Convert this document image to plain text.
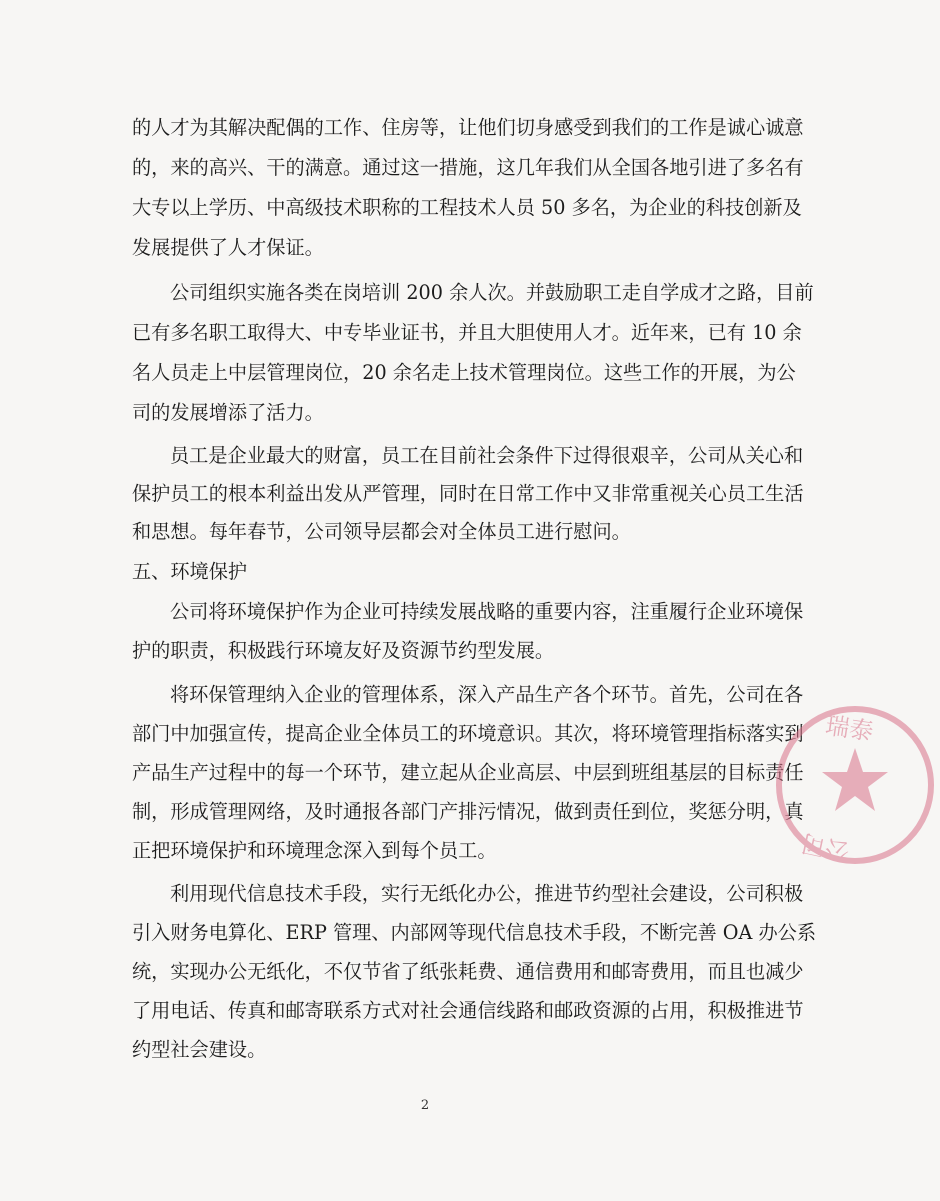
的人才为其解决配偶的工作、住房等，让他们切身感受到我们的工作是诚心诚意
的，来的高兴、干的满意。通过这一措施，这几年我们从全国各地引进了多名有
大专以上学历、中高级技术职称的工程技术人员 50 多名，为企业的科技创新及
发展提供了人才保证。
公司组织实施各类在岗培训 200 余人次。并鼓励职工走自学成才之路，目前
已有多名职工取得大、中专毕业证书，并且大胆使用人才。近年来，已有 10 余
名人员走上中层管理岗位，20 余名走上技术管理岗位。这些工作的开展，为公
司的发展增添了活力。
员工是企业最大的财富，员工在目前社会条件下过得很艰辛，公司从关心和
保护员工的根本利益出发从严管理，同时在日常工作中又非常重视关心员工生活
和思想。每年春节，公司领导层都会对全体员工进行慰问。
五、环境保护
公司将环境保护作为企业可持续发展战略的重要内容，注重履行企业环境保
护的职责，积极践行环境友好及资源节约型发展。
将环保管理纳入企业的管理体系，深入产品生产各个环节。首先，公司在各
部门中加强宣传，提高企业全体员工的环境意识。其次，将环境管理指标落实到
产品生产过程中的每一个环节，建立起从企业高层、中层到班组基层的目标责任
制，形成管理网络，及时通报各部门产排污情况，做到责任到位，奖惩分明，真
正把环境保护和环境理念深入到每个员工。
利用现代信息技术手段，实行无纸化办公，推进节约型社会建设，公司积极
引入财务电算化、ERP 管理、内部网等现代信息技术手段，不断完善 OA 办公系
统，实现办公无纸化，不仅节省了纸张耗费、通信费用和邮寄费用，而且也减少
了用电话、传真和邮寄联系方式对社会通信线路和邮政资源的占用，积极推进节
约型社会建设。
2
瑞泰
公司
